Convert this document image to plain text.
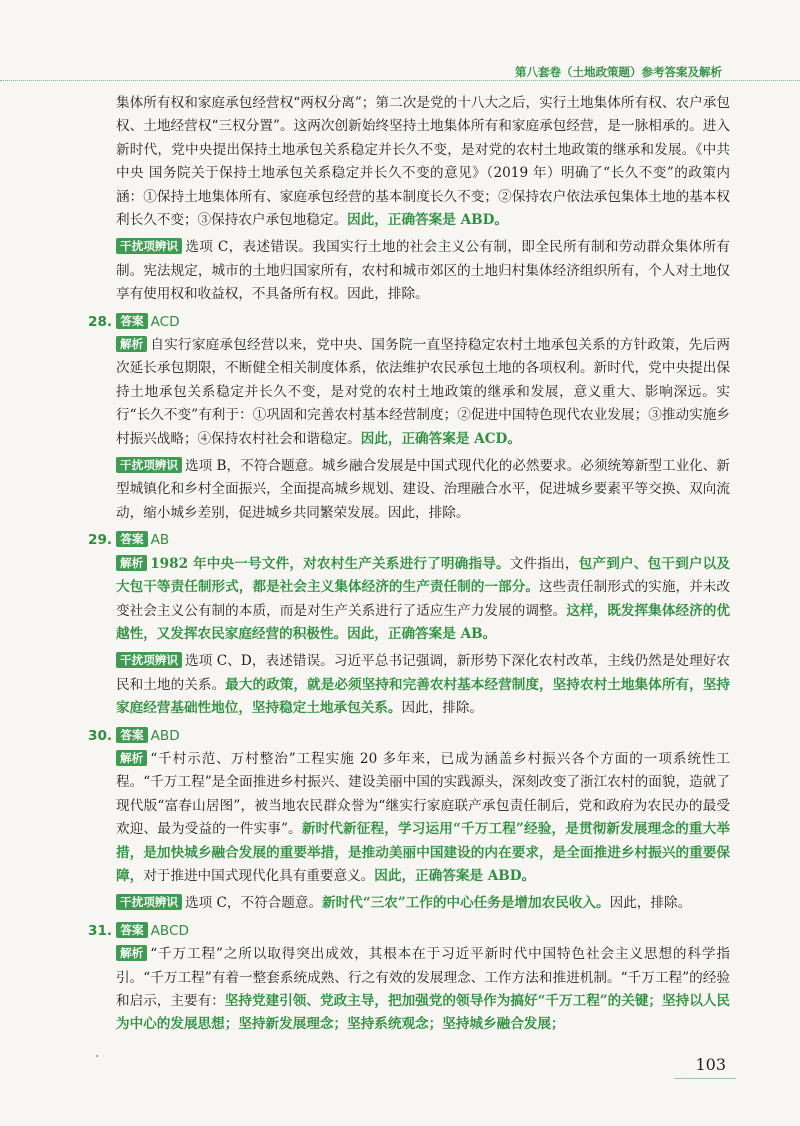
第八套卷（土地政策题）参考答案及解析

集体所有权和家庭承包经营权“两权分离”；第二次是党的十八大之后，实行土地集体所有权、农户承包权、土地经营权“三权分置”。这两次创新始终坚持土地集体所有和家庭承包经营，是一脉相承的。进入新时代，党中央提出保持土地承包关系稳定并长久不变，是对党的农村土地政策的继承和发展。《中共中央 国务院关于保持土地承包关系稳定并长久不变的意见》（2019 年）明确了“长久不变”的政策内涵：①保持土地集体所有、家庭承包经营的基本制度长久不变；②保持农户依法承包集体土地的基本权利长久不变；③保持农户承包地稳定。因此，正确答案是 ABD。

干扰项辨识 选项 C，表述错误。我国实行土地的社会主义公有制，即全民所有制和劳动群众集体所有制。宪法规定，城市的土地归国家所有，农村和城市郊区的土地归村集体经济组织所有，个人对土地仅享有使用权和收益权，不具备所有权。因此，排除。

28. 答案 ACD

解析 自实行家庭承包经营以来，党中央、国务院一直坚持稳定农村土地承包关系的方针政策，先后两次延长承包期限，不断健全相关制度体系，依法维护农民承包土地的各项权利。新时代，党中央提出保持土地承包关系稳定并长久不变，是对党的农村土地政策的继承和发展，意义重大、影响深远。实行“长久不变”有利于：①巩固和完善农村基本经营制度；②促进中国特色现代农业发展；③推动实施乡村振兴战略；④保持农村社会和谐稳定。因此，正确答案是 ACD。

干扰项辨识 选项 B，不符合题意。城乡融合发展是中国式现代化的必然要求。必须统筹新型工业化、新型城镇化和乡村全面振兴，全面提高城乡规划、建设、治理融合水平，促进城乡要素平等交换、双向流动，缩小城乡差别，促进城乡共同繁荣发展。因此，排除。

29. 答案 AB

解析 1982 年中央一号文件，对农村生产关系进行了明确指导。文件指出，包产到户、包干到户以及大包干等责任制形式，都是社会主义集体经济的生产责任制的一部分。这些责任制形式的实施，并未改变社会主义公有制的本质，而是对生产关系进行了适应生产力发展的调整。这样，既发挥集体经济的优越性，又发挥农民家庭经营的积极性。因此，正确答案是 AB。

干扰项辨识 选项 C、D，表述错误。习近平总书记强调，新形势下深化农村改革，主线仍然是处理好农民和土地的关系。最大的政策，就是必须坚持和完善农村基本经营制度，坚持农村土地集体所有，坚持家庭经营基础性地位，坚持稳定土地承包关系。因此，排除。

30. 答案 ABD

解析 “千村示范、万村整治”工程实施 20 多年来，已成为涵盖乡村振兴各个方面的一项系统性工程。“千万工程”是全面推进乡村振兴、建设美丽中国的实践源头，深刻改变了浙江农村的面貌，造就了现代版“富春山居图”，被当地农民群众誉为“继实行家庭联产承包责任制后，党和政府为农民办的最受欢迎、最为受益的一件实事”。新时代新征程，学习运用“千万工程”经验，是贯彻新发展理念的重大举措，是加快城乡融合发展的重要举措，是推动美丽中国建设的内在要求，是全面推进乡村振兴的重要保障，对于推进中国式现代化具有重要意义。因此，正确答案是 ABD。

干扰项辨识 选项 C，不符合题意。新时代“三农”工作的中心任务是增加农民收入。因此，排除。

31. 答案 ABCD

解析 “千万工程”之所以取得突出成效，其根本在于习近平新时代中国特色社会主义思想的科学指引。“千万工程”有着一整套系统成熟、行之有效的发展理念、工作方法和推进机制。“千万工程”的经验和启示，主要有：坚持党建引领、党政主导，把加强党的领导作为搞好“千万工程”的关键；坚持以人民为中心的发展思想；坚持新发展理念；坚持系统观念；坚持城乡融合发展；

103
